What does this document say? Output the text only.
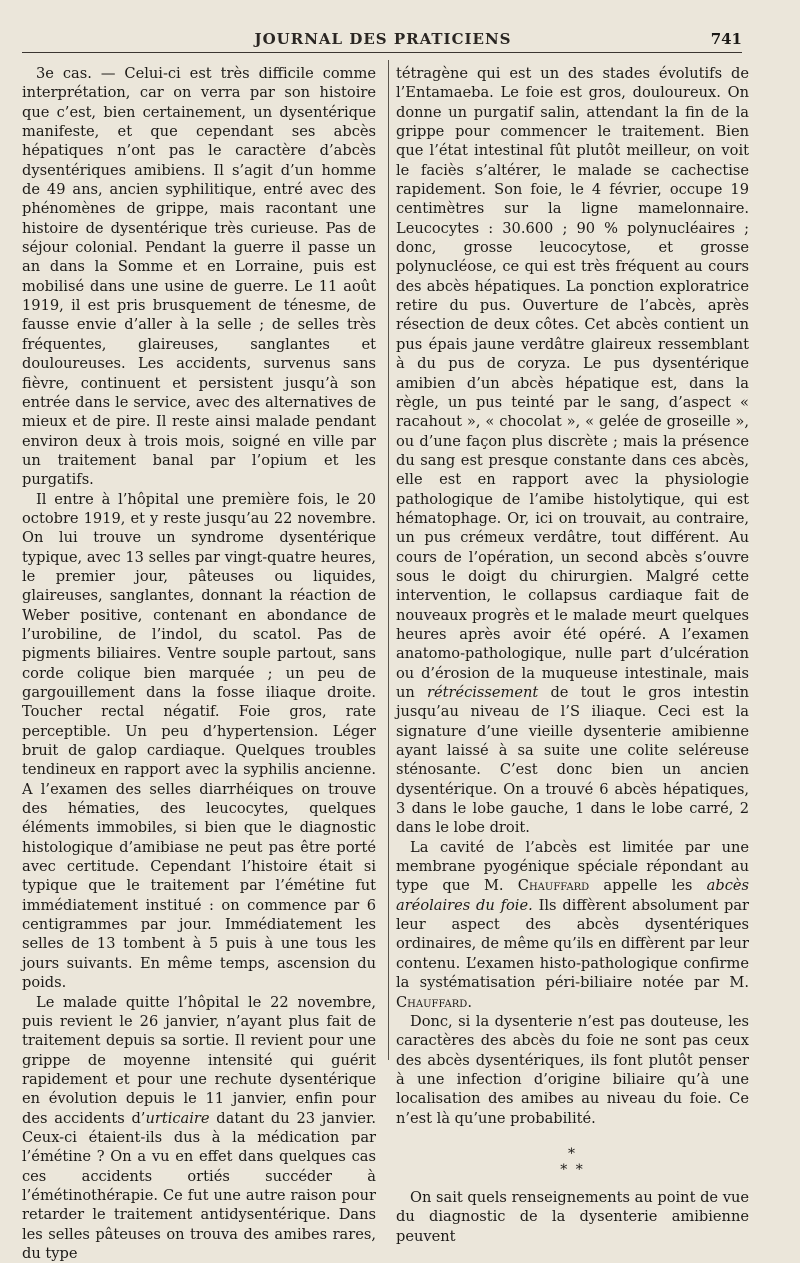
JOURNAL DES PRATICIENS	741

3e cas. — Celui-ci est très difficile comme interprétation, car on verra par son histoire que c’est, bien certainement, un dysentérique manifeste, et que cependant ses abcès hépatiques n’ont pas le caractère d’abcès dysentériques amibiens. Il s’agit d’un homme de 49 ans, ancien syphilitique, entré avec des phénomènes de grippe, mais racontant une histoire de dysentérique très curieuse. Pas de séjour colonial. Pendant la guerre il passe un an dans la Somme et en Lorraine, puis est mobilisé dans une usine de guerre. Le 11 août 1919, il est pris brusquement de ténesme, de fausse envie d’aller à la selle ; de selles très fréquentes, glaireuses, sanglantes et douloureuses. Les accidents, survenus sans fièvre, continuent et persistent jusqu’à son entrée dans le service, avec des alternatives de mieux et de pire. Il reste ainsi malade pendant environ deux à trois mois, soigné en ville par un traitement banal par l’opium et les purgatifs.

Il entre à l’hôpital une première fois, le 20 octobre 1919, et y reste jusqu’au 22 novembre. On lui trouve un syndrome dysentérique typique, avec 13 selles par vingt-quatre heures, le premier jour, pâteuses ou liquides, glaireuses, sanglantes, donnant la réaction de Weber positive, contenant en abondance de l’urobiline, de l’indol, du scatol. Pas de pigments biliaires. Ventre souple partout, sans corde colique bien marquée ; un peu de gargouillement dans la fosse iliaque droite. Toucher rectal négatif. Foie gros, rate perceptible. Un peu d’hypertension. Léger bruit de galop cardiaque. Quelques troubles tendineux en rapport avec la syphilis ancienne. A l’examen des selles diarrhéiques on trouve des hématies, des leucocytes, quelques éléments immobiles, si bien que le diagnostic histologique d’amibiase ne peut pas être porté avec certitude. Cependant l’histoire était si typique que le traitement par l’émétine fut immédiatement institué : on commence par 6 centigrammes par jour. Immédiatement les selles de 13 tombent à 5 puis à une tous les jours suivants. En même temps, ascension du poids.

Le malade quitte l’hôpital le 22 novembre, puis revient le 26 janvier, n’ayant plus fait de traitement depuis sa sortie. Il revient pour une grippe de moyenne intensité qui guérit rapidement et pour une rechute dysentérique en évolution depuis le 11 janvier, enfin pour des accidents d’urticaire datant du 23 janvier. Ceux-ci étaient-ils dus à la médication par l’émétine ? On a vu en effet dans quelques cas ces accidents ortiés succéder à l’émétinothérapie. Ce fut une autre raison pour retarder le traitement antidysentérique. Dans les selles pâteuses on trouva des amibes rares, du type

tétragène qui est un des stades évolutifs de l’Entamaeba. Le foie est gros, douloureux. On donne un purgatif salin, attendant la fin de la grippe pour commencer le traitement. Bien que l’état intestinal fût plutôt meilleur, on voit le faciès s’altérer, le malade se cachectise rapidement. Son foie, le 4 février, occupe 19 centimètres sur la ligne mamelonnaire. Leucocytes : 30.600 ; 90 % polynucléaires ; donc, grosse leucocytose, et grosse polynucléose, ce qui est très fréquent au cours des abcès hépatiques. La ponction exploratrice retire du pus. Ouverture de l’abcès, après résection de deux côtes. Cet abcès contient un pus épais jaune verdâtre glaireux ressemblant à du pus de coryza. Le pus dysentérique amibien d’un abcès hépatique est, dans la règle, un pus teinté par le sang, d’aspect « racahout », « chocolat », « gelée de groseille », ou d’une façon plus discrète ; mais la présence du sang est presque constante dans ces abcès, elle est en rapport avec la physiologie pathologique de l’amibe histolytique, qui est hématophage. Or, ici on trouvait, au contraire, un pus crémeux verdâtre, tout différent. Au cours de l’opération, un second abcès s’ouvre sous le doigt du chirurgien. Malgré cette intervention, le collapsus cardiaque fait de nouveaux progrès et le malade meurt quelques heures après avoir été opéré. A l’examen anatomo-pathologique, nulle part d’ulcération ou d’érosion de la muqueuse intestinale, mais un rétrécissement de tout le gros intestin jusqu’au niveau de l’S iliaque. Ceci est la signature d’une vieille dysenterie amibienne ayant laissé à sa suite une colite seléreuse sténosante. C’est donc bien un ancien dysentérique. On a trouvé 6 abcès hépatiques, 3 dans le lobe gauche, 1 dans le lobe carré, 2 dans le lobe droit.

La cavité de l’abcès est limitée par une membrane pyogénique spéciale répondant au type que M. Chauffard appelle les abcès aréolaires du foie. Ils diffèrent absolument par leur aspect des abcès dysentériques ordinaires, de même qu’ils en diffèrent par leur contenu. L’examen histo-pathologique confirme la systématisation péri-biliaire notée par M. Chauffard.

Donc, si la dysenterie n’est pas douteuse, les caractères des abcès du foie ne sont pas ceux des abcès dysentériques, ils font plutôt penser à une infection d’origine biliaire qu’à une localisation des amibes au niveau du foie. Ce n’est là qu’une probabilité.

*
* *

On sait quels renseignements au point de vue du diagnostic de la dysenterie amibienne peuvent
